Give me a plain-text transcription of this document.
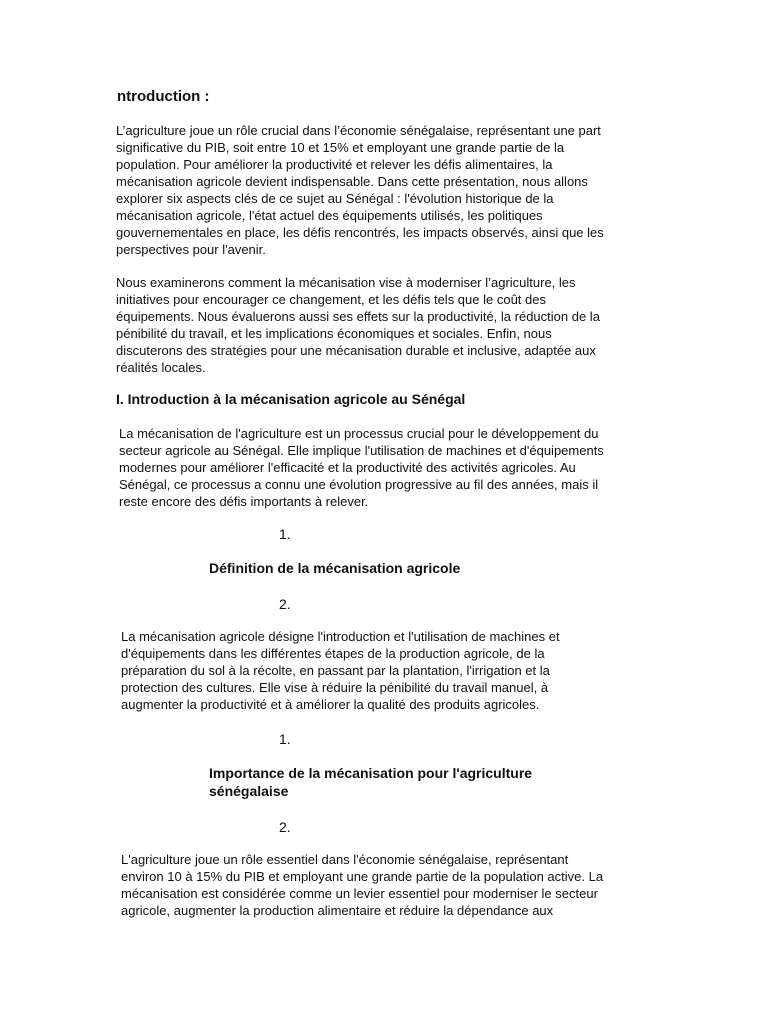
ntroduction :

L’agriculture joue un rôle crucial dans l’économie sénégalaise, représentant une part
significative du PIB, soit entre 10 et 15% et employant une grande partie de la
population. Pour améliorer la productivité et relever les défis alimentaires, la
mécanisation agricole devient indispensable. Dans cette présentation, nous allons
explorer six aspects clés de ce sujet au Sénégal : l'évolution historique de la
mécanisation agricole, l'état actuel des équipements utilisés, les politiques
gouvernementales en place, les défis rencontrés, les impacts observés, ainsi que les
perspectives pour l'avenir.

Nous examinerons comment la mécanisation vise à moderniser l’agriculture, les
initiatives pour encourager ce changement, et les défis tels que le coût des
équipements. Nous évaluerons aussi ses effets sur la productivité, la réduction de la
pénibilité du travail, et les implications économiques et sociales. Enfin, nous
discuterons des stratégies pour une mécanisation durable et inclusive, adaptée aux
réalités locales.

I. Introduction à la mécanisation agricole au Sénégal

La mécanisation de l'agriculture est un processus crucial pour le développement du
secteur agricole au Sénégal. Elle implique l'utilisation de machines et d'équipements
modernes pour améliorer l'efficacité et la productivité des activités agricoles. Au
Sénégal, ce processus a connu une évolution progressive au fil des années, mais il
reste encore des défis importants à relever.

1.
Définition de la mécanisation agricole
2.

La mécanisation agricole désigne l'introduction et l'utilisation de machines et
d'équipements dans les différentes étapes de la production agricole, de la
préparation du sol à la récolte, en passant par la plantation, l'irrigation et la
protection des cultures. Elle vise à réduire la pénibilité du travail manuel, à
augmenter la productivité et à améliorer la qualité des produits agricoles.

1.
Importance de la mécanisation pour l'agriculture
sénégalaise
2.

L'agriculture joue un rôle essentiel dans l'économie sénégalaise, représentant
environ 10 à 15% du PIB et employant une grande partie de la population active. La
mécanisation est considérée comme un levier essentiel pour moderniser le secteur
agricole, augmenter la production alimentaire et réduire la dépendance aux
